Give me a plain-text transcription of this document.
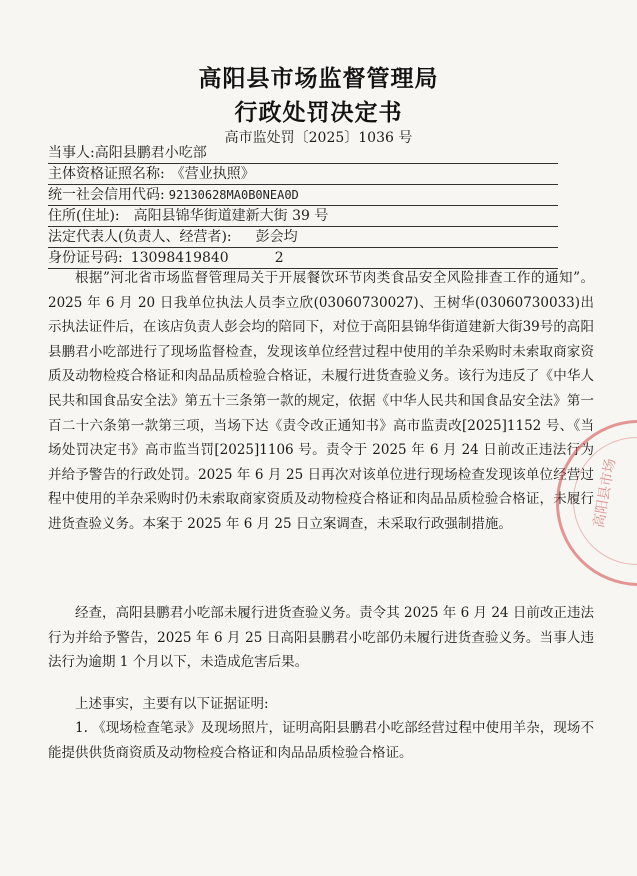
高阳县市场监督管理局
行政处罚决定书
高市监处罚〔2025〕1036 号
当事人:高阳县鹏君小吃部
主体资格证照名称: 《营业执照》
统一社会信用代码: 92130628MA0B0NEA0D
住所(住址): 高阳县锦华街道建新大街 39 号
法定代表人(负责人、经营者): 彭会均
身份证号码: 13098419840	2
根据”河北省市场监督管理局关于开展餐饮环节肉类食品安全风险排查工作的通知”。2025 年 6 月 20 日我单位执法人员李立欣(03060730027)、王树华(03060730033)出示执法证件后，在该店负责人彭会均的陪同下，对位于高阳县锦华街道建新大街39号的高阳县鹏君小吃部进行了现场监督检查，发现该单位经营过程中使用的羊杂采购时未索取商家资质及动物检疫合格证和肉品品质检验合格证，未履行进货查验义务。该行为违反了《中华人民共和国食品安全法》第五十三条第一款的规定，依据《中华人民共和国食品安全法》第一百二十六条第一款第三项，当场下达《责令改正通知书》高市监责改[2025]1152 号、《当场处罚决定书》高市监当罚[2025]1106 号。责令于 2025 年 6 月 24 日前改正违法行为并给予警告的行政处罚。2025 年 6 月 25 日再次对该单位进行现场检查发现该单位经营过程中使用的羊杂采购时仍未索取商家资质及动物检疫合格证和肉品品质检验合格证，未履行进货查验义务。本案于 2025 年 6 月 25 日立案调查，未采取行政强制措施。
经查，高阳县鹏君小吃部未履行进货查验义务。责令其 2025 年 6 月 24 日前改正违法行为并给予警告，2025 年 6 月 25 日高阳县鹏君小吃部仍未履行进货查验义务。当事人违法行为逾期 1 个月以下，未造成危害后果。
上述事实，主要有以下证据证明:
1. 《现场检查笔录》及现场照片，证明高阳县鹏君小吃部经营过程中使用羊杂，现场不能提供供货商资质及动物检疫合格证和肉品品质检验合格证。
高阳县市场
